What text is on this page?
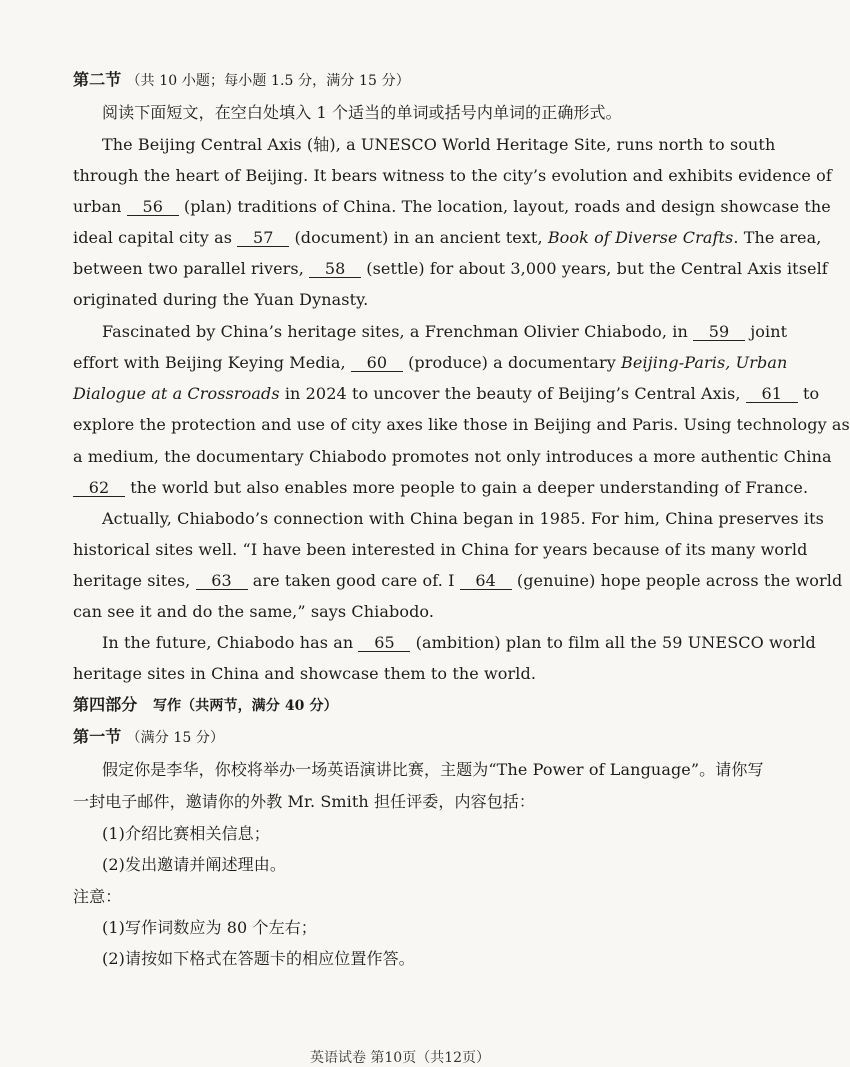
第二节 （共 10 小题；每小题 1.5 分，满分 15 分）
阅读下面短文，在空白处填入 1 个适当的单词或括号内单词的正确形式。
The Beijing Central Axis (轴), a UNESCO World Heritage Site, runs north to south
through the heart of Beijing. It bears witness to the city’s evolution and exhibits evidence of
urban 56 (plan) traditions of China. The location, layout, roads and design showcase the
ideal capital city as 57 (document) in an ancient text, Book of Diverse Crafts. The area,
between two parallel rivers, 58 (settle) for about 3,000 years, but the Central Axis itself
originated during the Yuan Dynasty.
Fascinated by China’s heritage sites, a Frenchman Olivier Chiabodo, in 59 joint
effort with Beijing Keying Media, 60 (produce) a documentary Beijing-Paris, Urban
Dialogue at a Crossroads in 2024 to uncover the beauty of Beijing’s Central Axis, 61 to
explore the protection and use of city axes like those in Beijing and Paris. Using technology as
a medium, the documentary Chiabodo promotes not only introduces a more authentic China
62 the world but also enables more people to gain a deeper understanding of France.
Actually, Chiabodo’s connection with China began in 1985. For him, China preserves its
historical sites well. “I have been interested in China for years because of its many world
heritage sites, 63 are taken good care of. I 64 (genuine) hope people across the world
can see it and do the same,” says Chiabodo.
In the future, Chiabodo has an 65 (ambition) plan to film all the 59 UNESCO world
heritage sites in China and showcase them to the world.
第四部分 写作（共两节，满分 40 分）
第一节 （满分 15 分）
假定你是李华，你校将举办一场英语演讲比赛，主题为“The Power of Language”。请你写
一封电子邮件，邀请你的外教 Mr. Smith 担任评委，内容包括：
(1)介绍比赛相关信息；
(2)发出邀请并阐述理由。
注意：
(1)写作词数应为 80 个左右；
(2)请按如下格式在答题卡的相应位置作答。
英语试卷 第10页（共12页）
